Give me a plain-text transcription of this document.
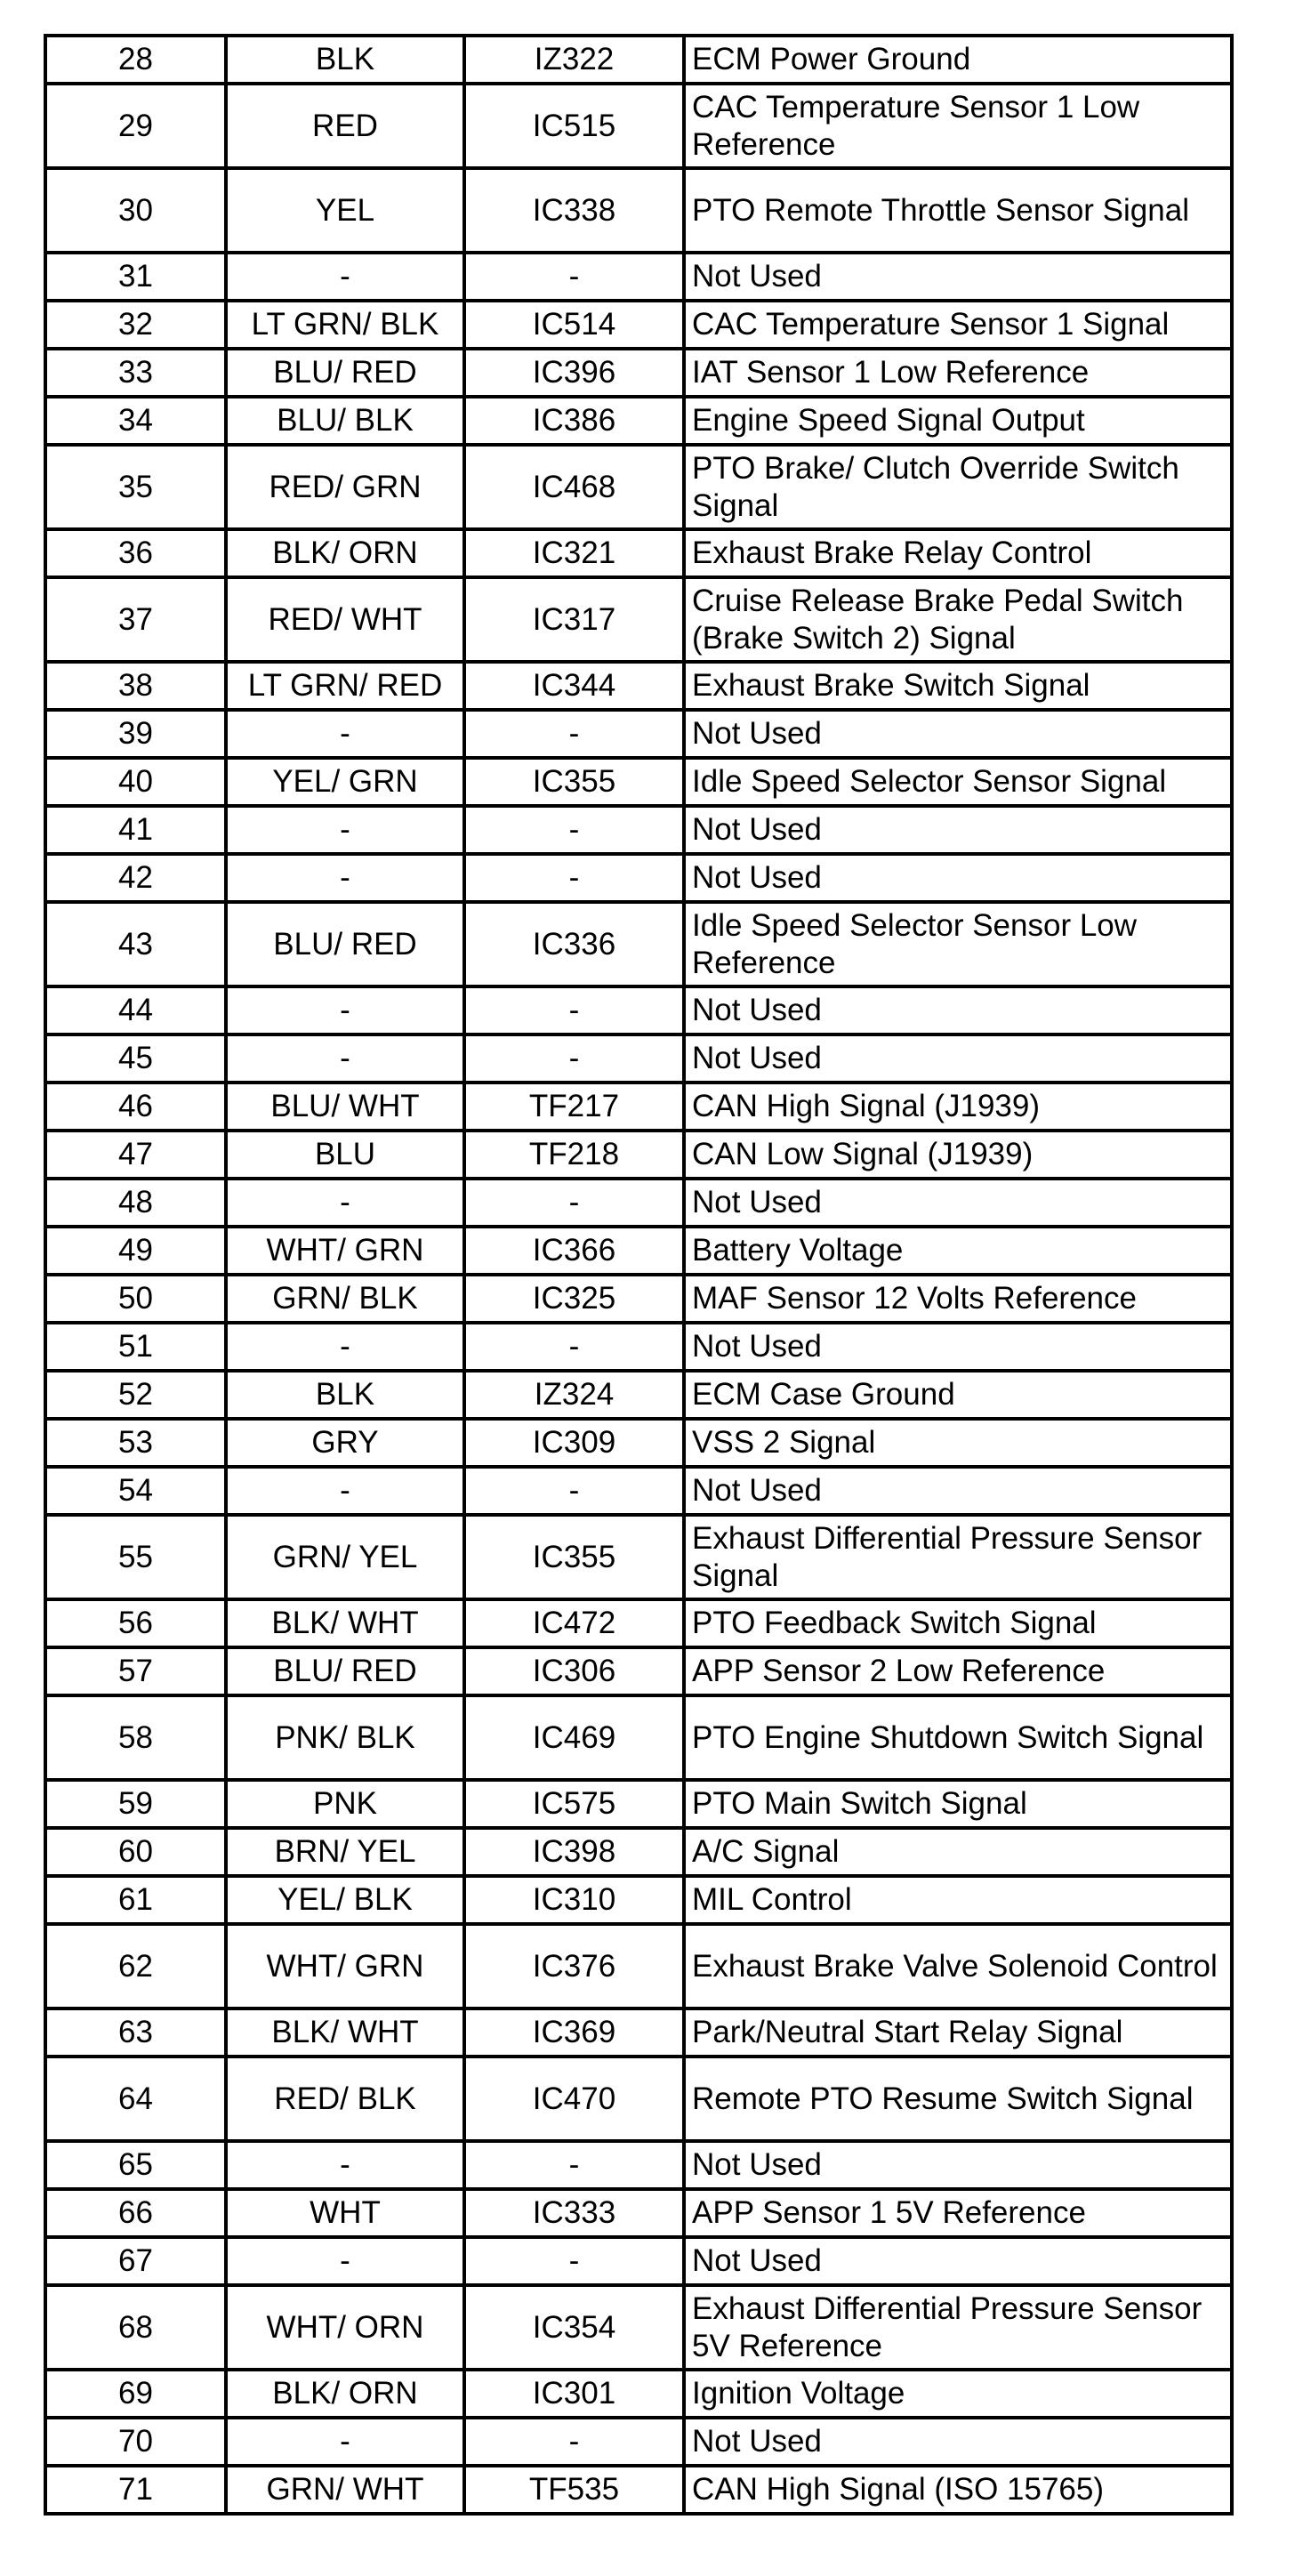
28	BLK	IZ322	ECM Power Ground
29	RED	IC515	CAC Temperature Sensor 1 Low Reference
30	YEL	IC338	PTO Remote Throttle Sensor Signal
31	-	-	Not Used
32	LT GRN/ BLK	IC514	CAC Temperature Sensor 1 Signal
33	BLU/ RED	IC396	IAT Sensor 1 Low Reference
34	BLU/ BLK	IC386	Engine Speed Signal Output
35	RED/ GRN	IC468	PTO Brake/ Clutch Override Switch Signal
36	BLK/ ORN	IC321	Exhaust Brake Relay Control
37	RED/ WHT	IC317	Cruise Release Brake Pedal Switch (Brake Switch 2) Signal
38	LT GRN/ RED	IC344	Exhaust Brake Switch Signal
39	-	-	Not Used
40	YEL/ GRN	IC355	Idle Speed Selector Sensor Signal
41	-	-	Not Used
42	-	-	Not Used
43	BLU/ RED	IC336	Idle Speed Selector Sensor Low Reference
44	-	-	Not Used
45	-	-	Not Used
46	BLU/ WHT	TF217	CAN High Signal (J1939)
47	BLU	TF218	CAN Low Signal (J1939)
48	-	-	Not Used
49	WHT/ GRN	IC366	Battery Voltage
50	GRN/ BLK	IC325	MAF Sensor 12 Volts Reference
51	-	-	Not Used
52	BLK	IZ324	ECM Case Ground
53	GRY	IC309	VSS 2 Signal
54	-	-	Not Used
55	GRN/ YEL	IC355	Exhaust Differential Pressure Sensor Signal
56	BLK/ WHT	IC472	PTO Feedback Switch Signal
57	BLU/ RED	IC306	APP Sensor 2 Low Reference
58	PNK/ BLK	IC469	PTO Engine Shutdown Switch Signal
59	PNK	IC575	PTO Main Switch Signal
60	BRN/ YEL	IC398	A/C Signal
61	YEL/ BLK	IC310	MIL Control
62	WHT/ GRN	IC376	Exhaust Brake Valve Solenoid Control
63	BLK/ WHT	IC369	Park/Neutral Start Relay Signal
64	RED/ BLK	IC470	Remote PTO Resume Switch Signal
65	-	-	Not Used
66	WHT	IC333	APP Sensor 1 5V Reference
67	-	-	Not Used
68	WHT/ ORN	IC354	Exhaust Differential Pressure Sensor 5V Reference
69	BLK/ ORN	IC301	Ignition Voltage
70	-	-	Not Used
71	GRN/ WHT	TF535	CAN High Signal (ISO 15765)
